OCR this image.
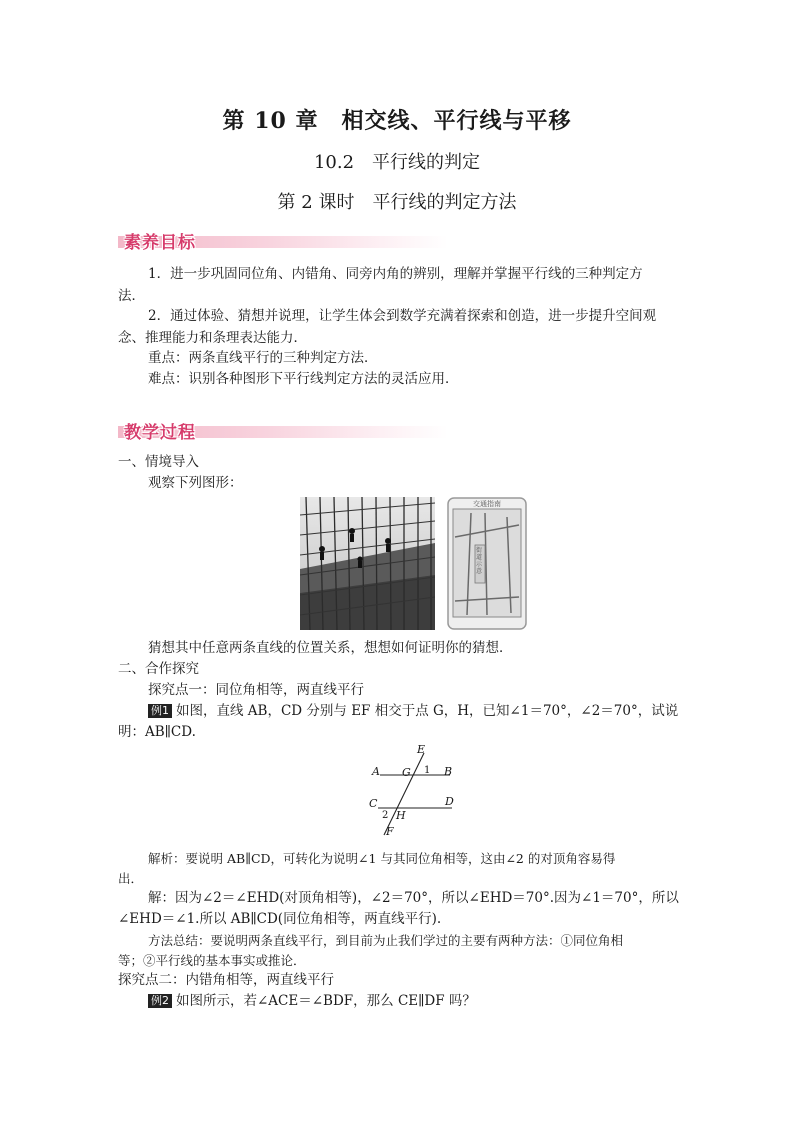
第 10 章　相交线、平行线与平移
10.2　平行线的判定
第 2 课时　平行线的判定方法
素养目标
1．进一步巩固同位角、内错角、同旁内角的辨别，理解并掌握平行线的三种判定方
法．
2．通过体验、猜想并说理，让学生体会到数学充满着探索和创造，进一步提升空间观
念、推理能力和条理表达能力．
重点：两条直线平行的三种判定方法．
难点：识别各种图形下平行线判定方法的灵活应用．
教学过程
一、情境导入
观察下列图形：
交通指南
街道示意
猜想其中任意两条直线的位置关系，想想如何证明你的猜想．
二、合作探究
探究点一：同位角相等，两直线平行
例1 如图，直线 AB，CD 分别与 EF 相交于点 G，H，已知∠1＝70°，∠2＝70°，试说
明：AB∥CD.
E
A G 1 B
C	D
2 H
F
解析：要说明 AB∥CD，可转化为说明∠1 与其同位角相等，这由∠2 的对顶角容易得
出．
解：因为∠2＝∠EHD(对顶角相等)，∠2＝70°，所以∠EHD＝70°.因为∠1＝70°，所以
∠EHD＝∠1.所以 AB∥CD(同位角相等，两直线平行).
方法总结：要说明两条直线平行，到目前为止我们学过的主要有两种方法：①同位角相
等；②平行线的基本事实或推论．
探究点二：内错角相等，两直线平行
例2 如图所示，若∠ACE＝∠BDF，那么 CE∥DF 吗？
